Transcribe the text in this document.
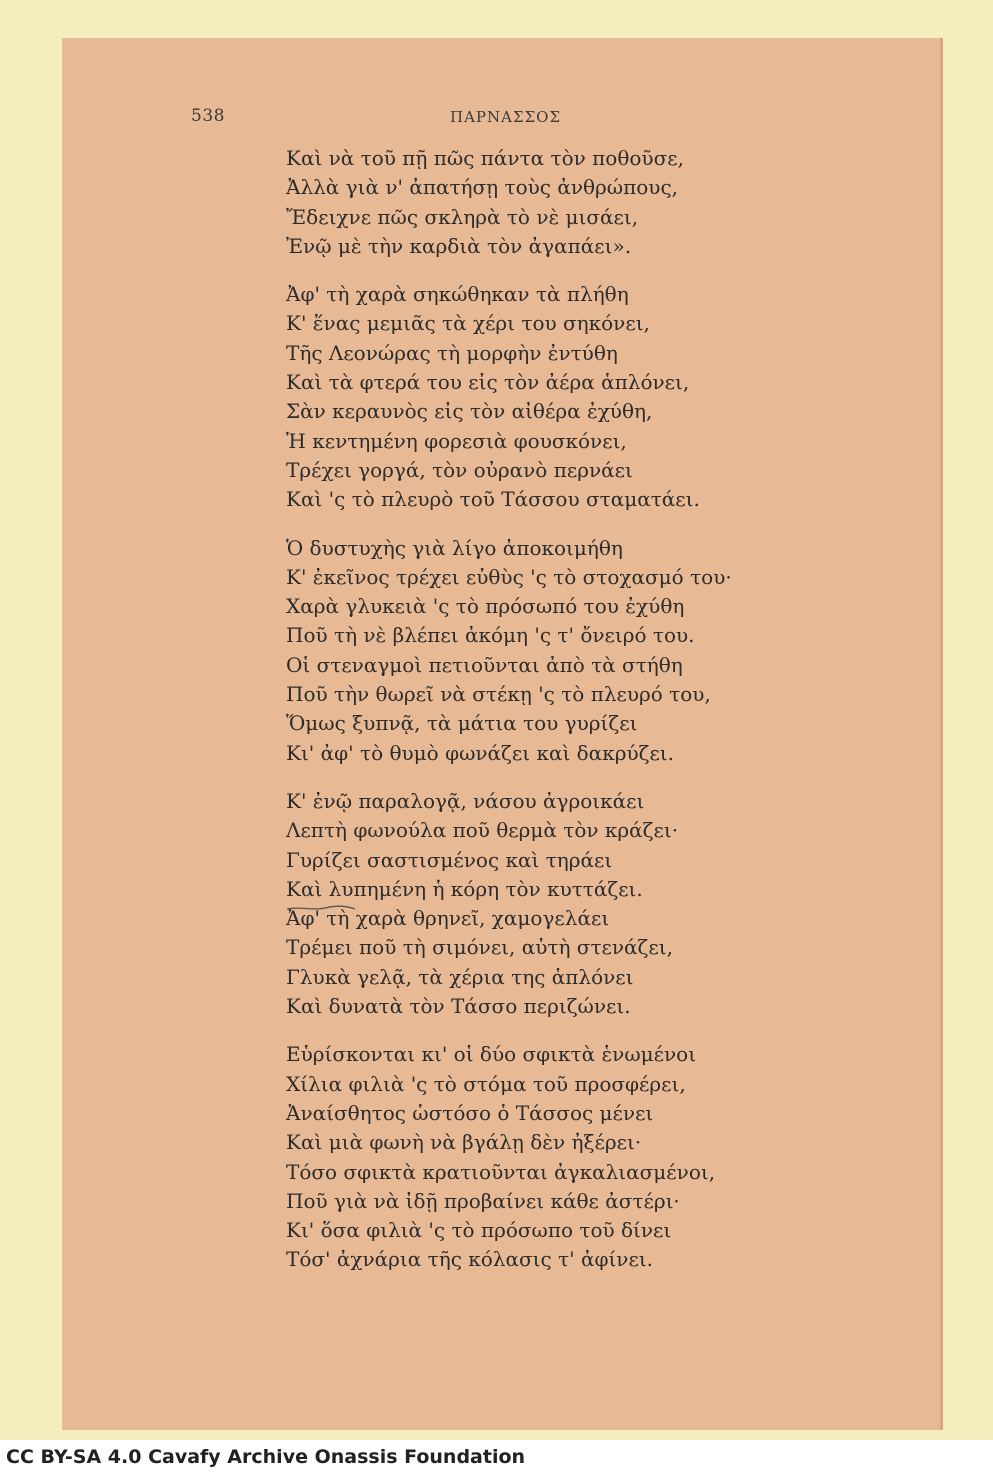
538	ΠΑΡΝΑΣΣΟΣ
Καὶ νὰ τοῦ πῇ πῶς πάντα τὸν ποθοῦσε,
Ἀλλὰ γιὰ ν' ἀπατήσῃ τοὺς ἀνθρώπους,
Ἔδειχνε πῶς σκληρὰ τὸ νὲ μισάει,
Ἐνῷ μὲ τὴν καρδιὰ τὸν ἀγαπάει».
Ἀφ' τὴ χαρὰ σηκώθηκαν τὰ πλήθη
Κ' ἕνας μεμιᾶς τὰ χέρι του σηκόνει,
Τῆς Λεονώρας τὴ μορφὴν ἐντύθη
Καὶ τὰ φτερά του εἰς τὸν ἀέρα ἁπλόνει,
Σὰν κεραυνὸς εἰς τὸν αἰθέρα ἐχύθη,
Ἡ κεντημένη φορεσιὰ φουσκόνει,
Τρέχει γοργά, τὸν οὐρανὸ περνάει
Καὶ 'ς τὸ πλευρὸ τοῦ Τάσσου σταματάει.
Ὁ δυστυχὴς γιὰ λίγο ἀποκοιμήθη
Κ' ἐκεῖνος τρέχει εὐθὺς 'ς τὸ στοχασμό του·
Χαρὰ γλυκειὰ 'ς τὸ πρόσωπό του ἐχύθη
Ποῦ τὴ νὲ βλέπει ἀκόμη 'ς τ' ὄνειρό του.
Οἱ στεναγμοὶ πετιοῦνται ἀπὸ τὰ στήθη
Ποῦ τὴν θωρεῖ νὰ στέκῃ 'ς τὸ πλευρό του,
Ὅμως ξυπνᾷ, τὰ μάτια του γυρίζει
Κι' ἀφ' τὸ θυμὸ φωνάζει καὶ δακρύζει.
Κ' ἐνῷ παραλογᾷ, νάσου ἀγροικάει
Λεπτὴ φωνούλα ποῦ θερμὰ τὸν κράζει·
Γυρίζει σαστισμένος καὶ τηράει
Καὶ λυπημένη ἡ κόρη τὸν κυττάζει.
Ἀφ' τὴ χαρὰ θρηνεῖ, χαμογελάει
Τρέμει ποῦ τὴ σιμόνει, αὐτὴ στενάζει,
Γλυκὰ γελᾷ, τὰ χέρια της ἁπλόνει
Καὶ δυνατὰ τὸν Τάσσο περιζώνει.
Εὑρίσκονται κι' οἱ δύο σφικτὰ ἑνωμένοι
Χίλια φιλιὰ 'ς τὸ στόμα τοῦ προσφέρει,
Ἀναίσθητος ὡστόσο ὁ Τάσσος μένει
Καὶ μιὰ φωνὴ νὰ βγάλῃ δὲν ἠξέρει·
Τόσο σφικτὰ κρατιοῦνται ἀγκαλιασμένοι,
Ποῦ γιὰ νὰ ἰδῇ προβαίνει κάθε ἀστέρι·
Κι' ὅσα φιλιὰ 'ς τὸ πρόσωπο τοῦ δίνει
Τόσ' ἀχνάρια τῆς κόλασις τ' ἀφίνει.
CC BY-SA 4.0 Cavafy Archive Onassis Foundation
